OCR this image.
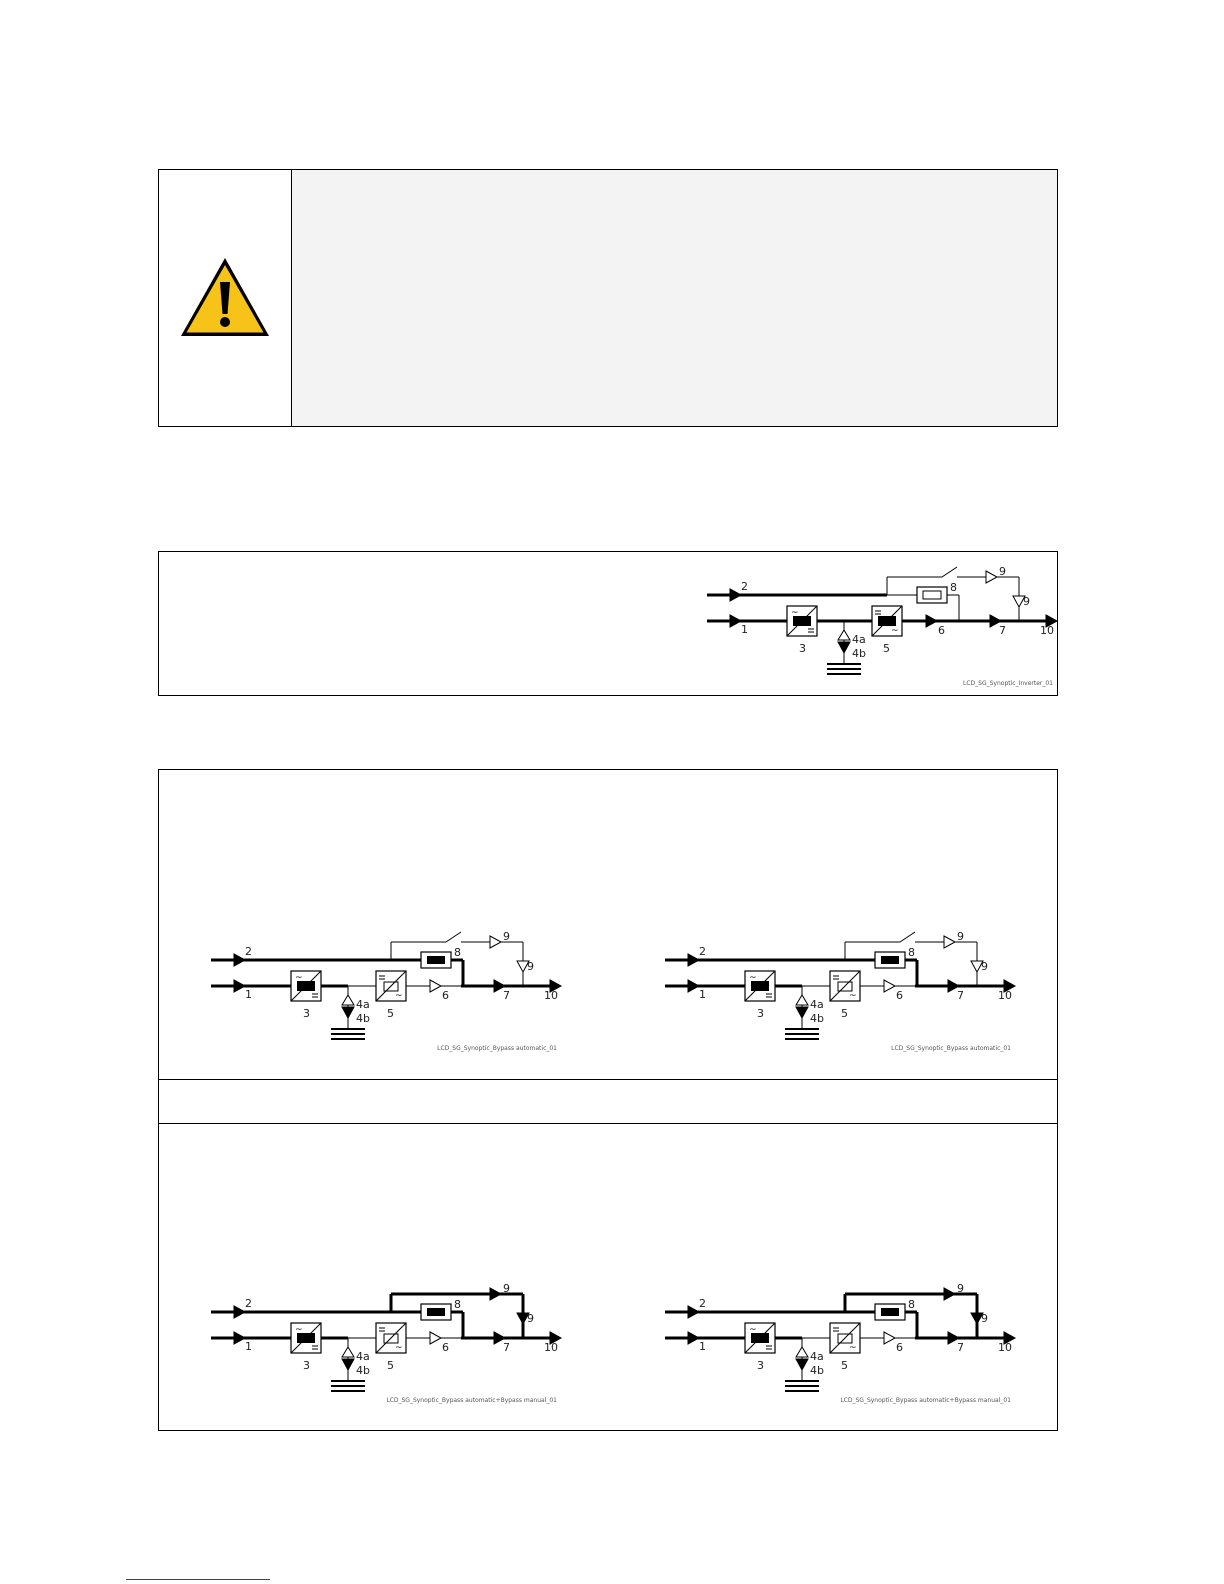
~
~
2
1
3
4a
4b 5
6	7
8
9
9
10
LCD_SG_Synoptic_Inverter_01
~
~
2
1
3
4a
4b 5
6	7
8
9
9
10
LCD_SG_Synoptic_Bypass automatic_01
~
~
2
1
3
4a
4b 5
6	7
8
9
9
10
LCD_SG_Synoptic_Bypass automatic_01
~
~
2
1
3
4a
4b 5
6	7
8
9
9
10
LCD_SG_Synoptic_Bypass automatic+Bypass manual_01
~
~
2
1
3
4a
4b 5
6	7
8
9
9
10
LCD_SG_Synoptic_Bypass automatic+Bypass manual_01
